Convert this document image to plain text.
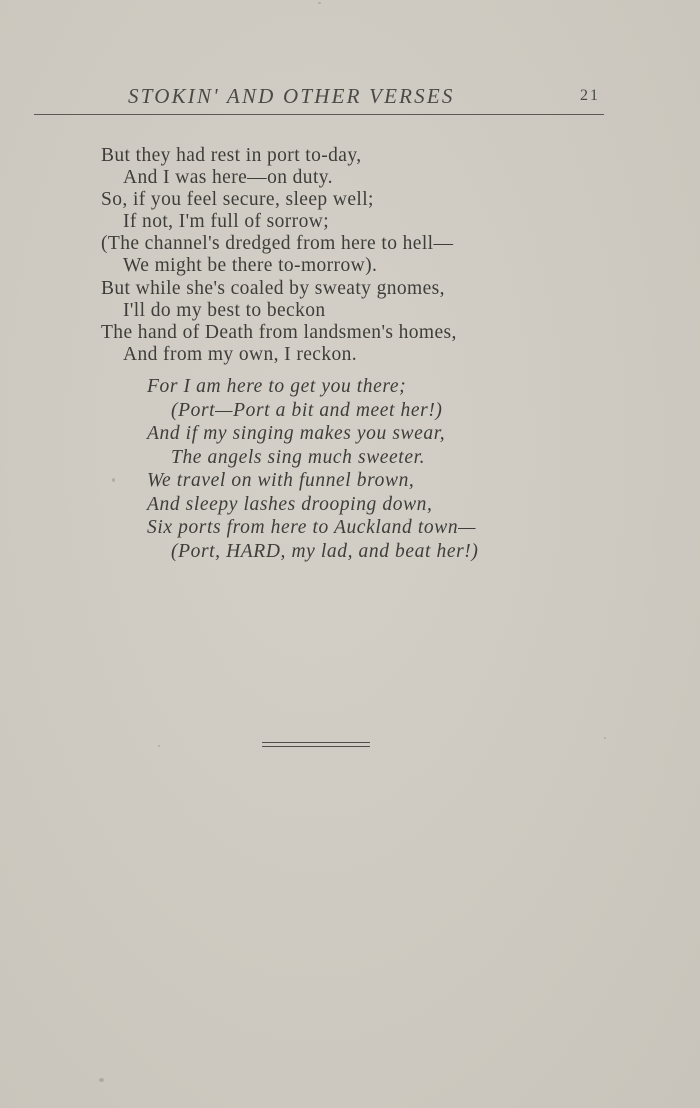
STOKIN' AND OTHER VERSES	21
But they had rest in port to-day,
And I was here—on duty.
So, if you feel secure, sleep well;
If not, I'm full of sorrow;
(The channel's dredged from here to hell—
We might be there to-morrow).
But while she's coaled by sweaty gnomes,
I'll do my best to beckon
The hand of Death from landsmen's homes,
And from my own, I reckon.
For I am here to get you there;
(Port—Port a bit and meet her!)
And if my singing makes you swear,
The angels sing much sweeter.
We travel on with funnel brown,
And sleepy lashes drooping down,
Six ports from here to Auckland town—
(Port, HARD, my lad, and beat her!)
